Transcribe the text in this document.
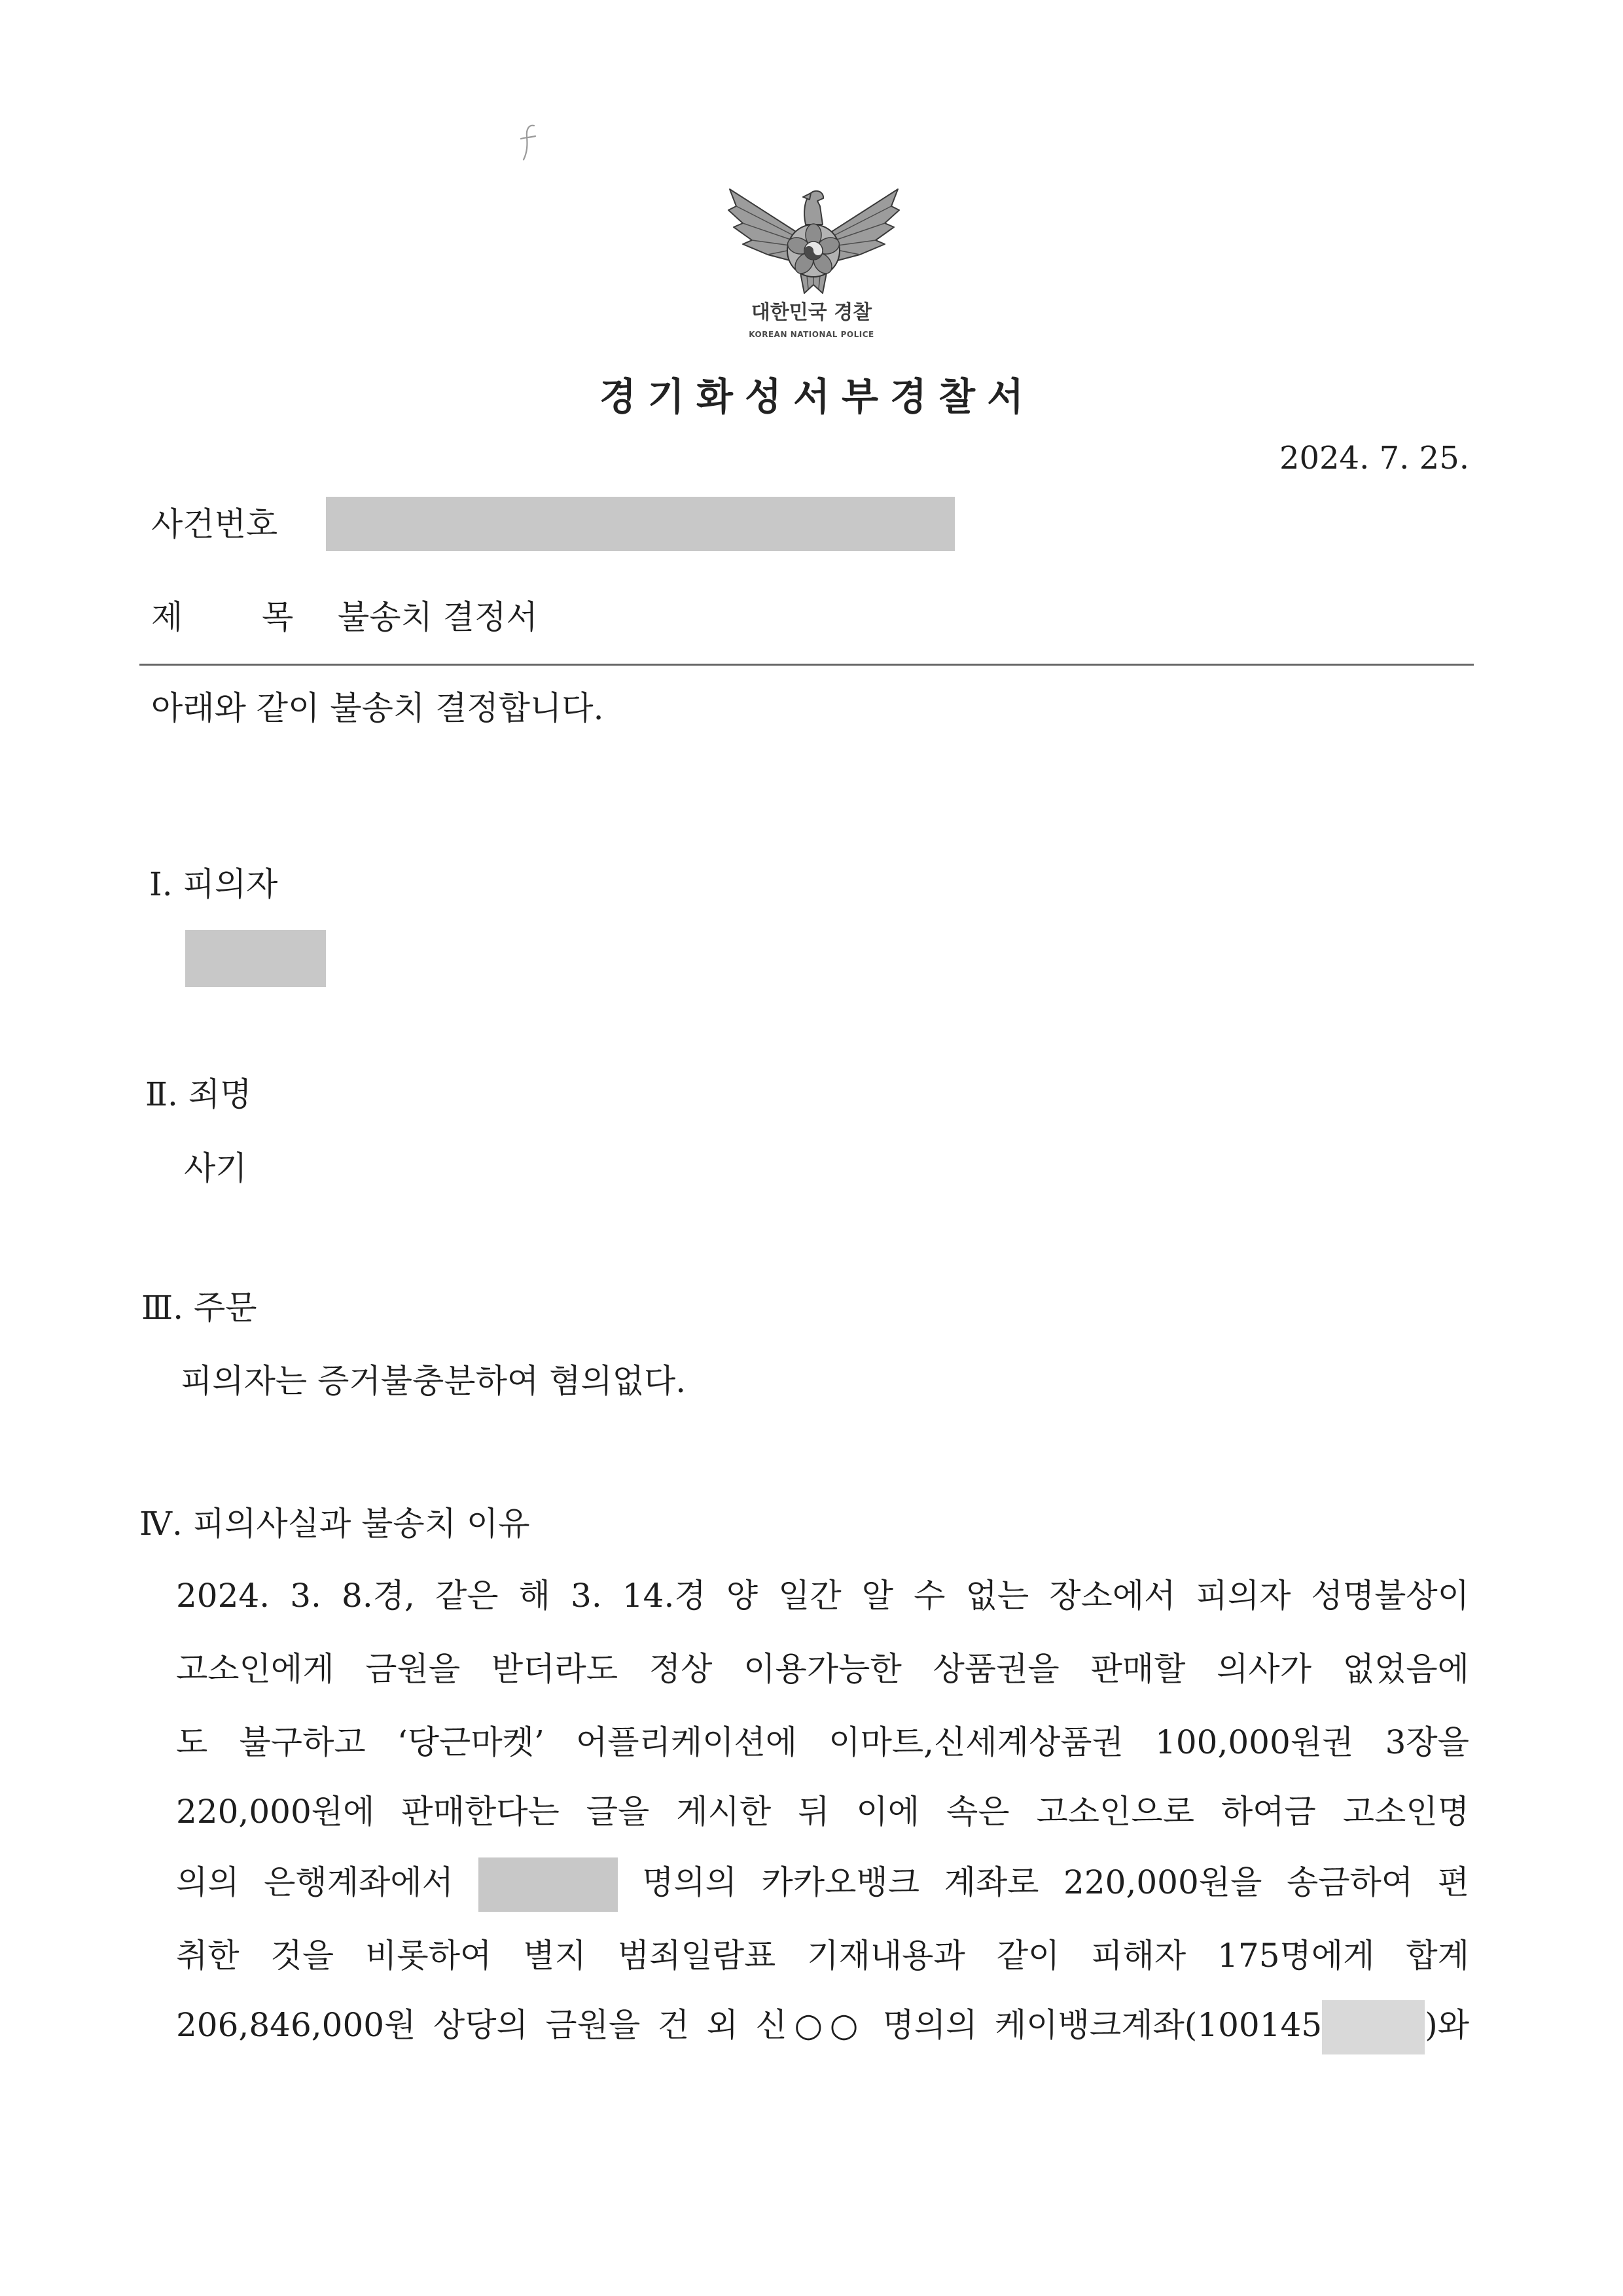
대한민국 경찰
KOREAN NATIONAL POLICE
경기화성서부경찰서
2024. 7. 25.
사건번호
제 목 불송치 결정서
아래와 같이 불송치 결정합니다.
Ⅰ. 피의자
Ⅱ. 죄명
사기
Ⅲ. 주문
피의자는 증거불충분하여 혐의없다.
Ⅳ. 피의사실과 불송치 이유
2024. 3. 8.경, 같은 해 3. 14.경 양 일간 알 수 없는 장소에서 피의자 성명불상이
고소인에게 금원을 받더라도 정상 이용가능한 상품권을 판매할 의사가 없었음에
도 불구하고 ‘당근마켓’ 어플리케이션에 이마트,신세계상품권 100,000원권 3장을
220,000원에 판매한다는 글을 게시한 뒤 이에 속은 고소인으로 하여금 고소인명
의의 은행계좌에서	명의의 카카오뱅크 계좌로 220,000원을 송금하여 편
취한 것을 비롯하여 별지 범죄일람표 기재내용과 같이 피해자 175명에게 합계
206,846,000원 상당의 금원을 건 외 신○○ 명의의 케이뱅크계좌(100145	)와
